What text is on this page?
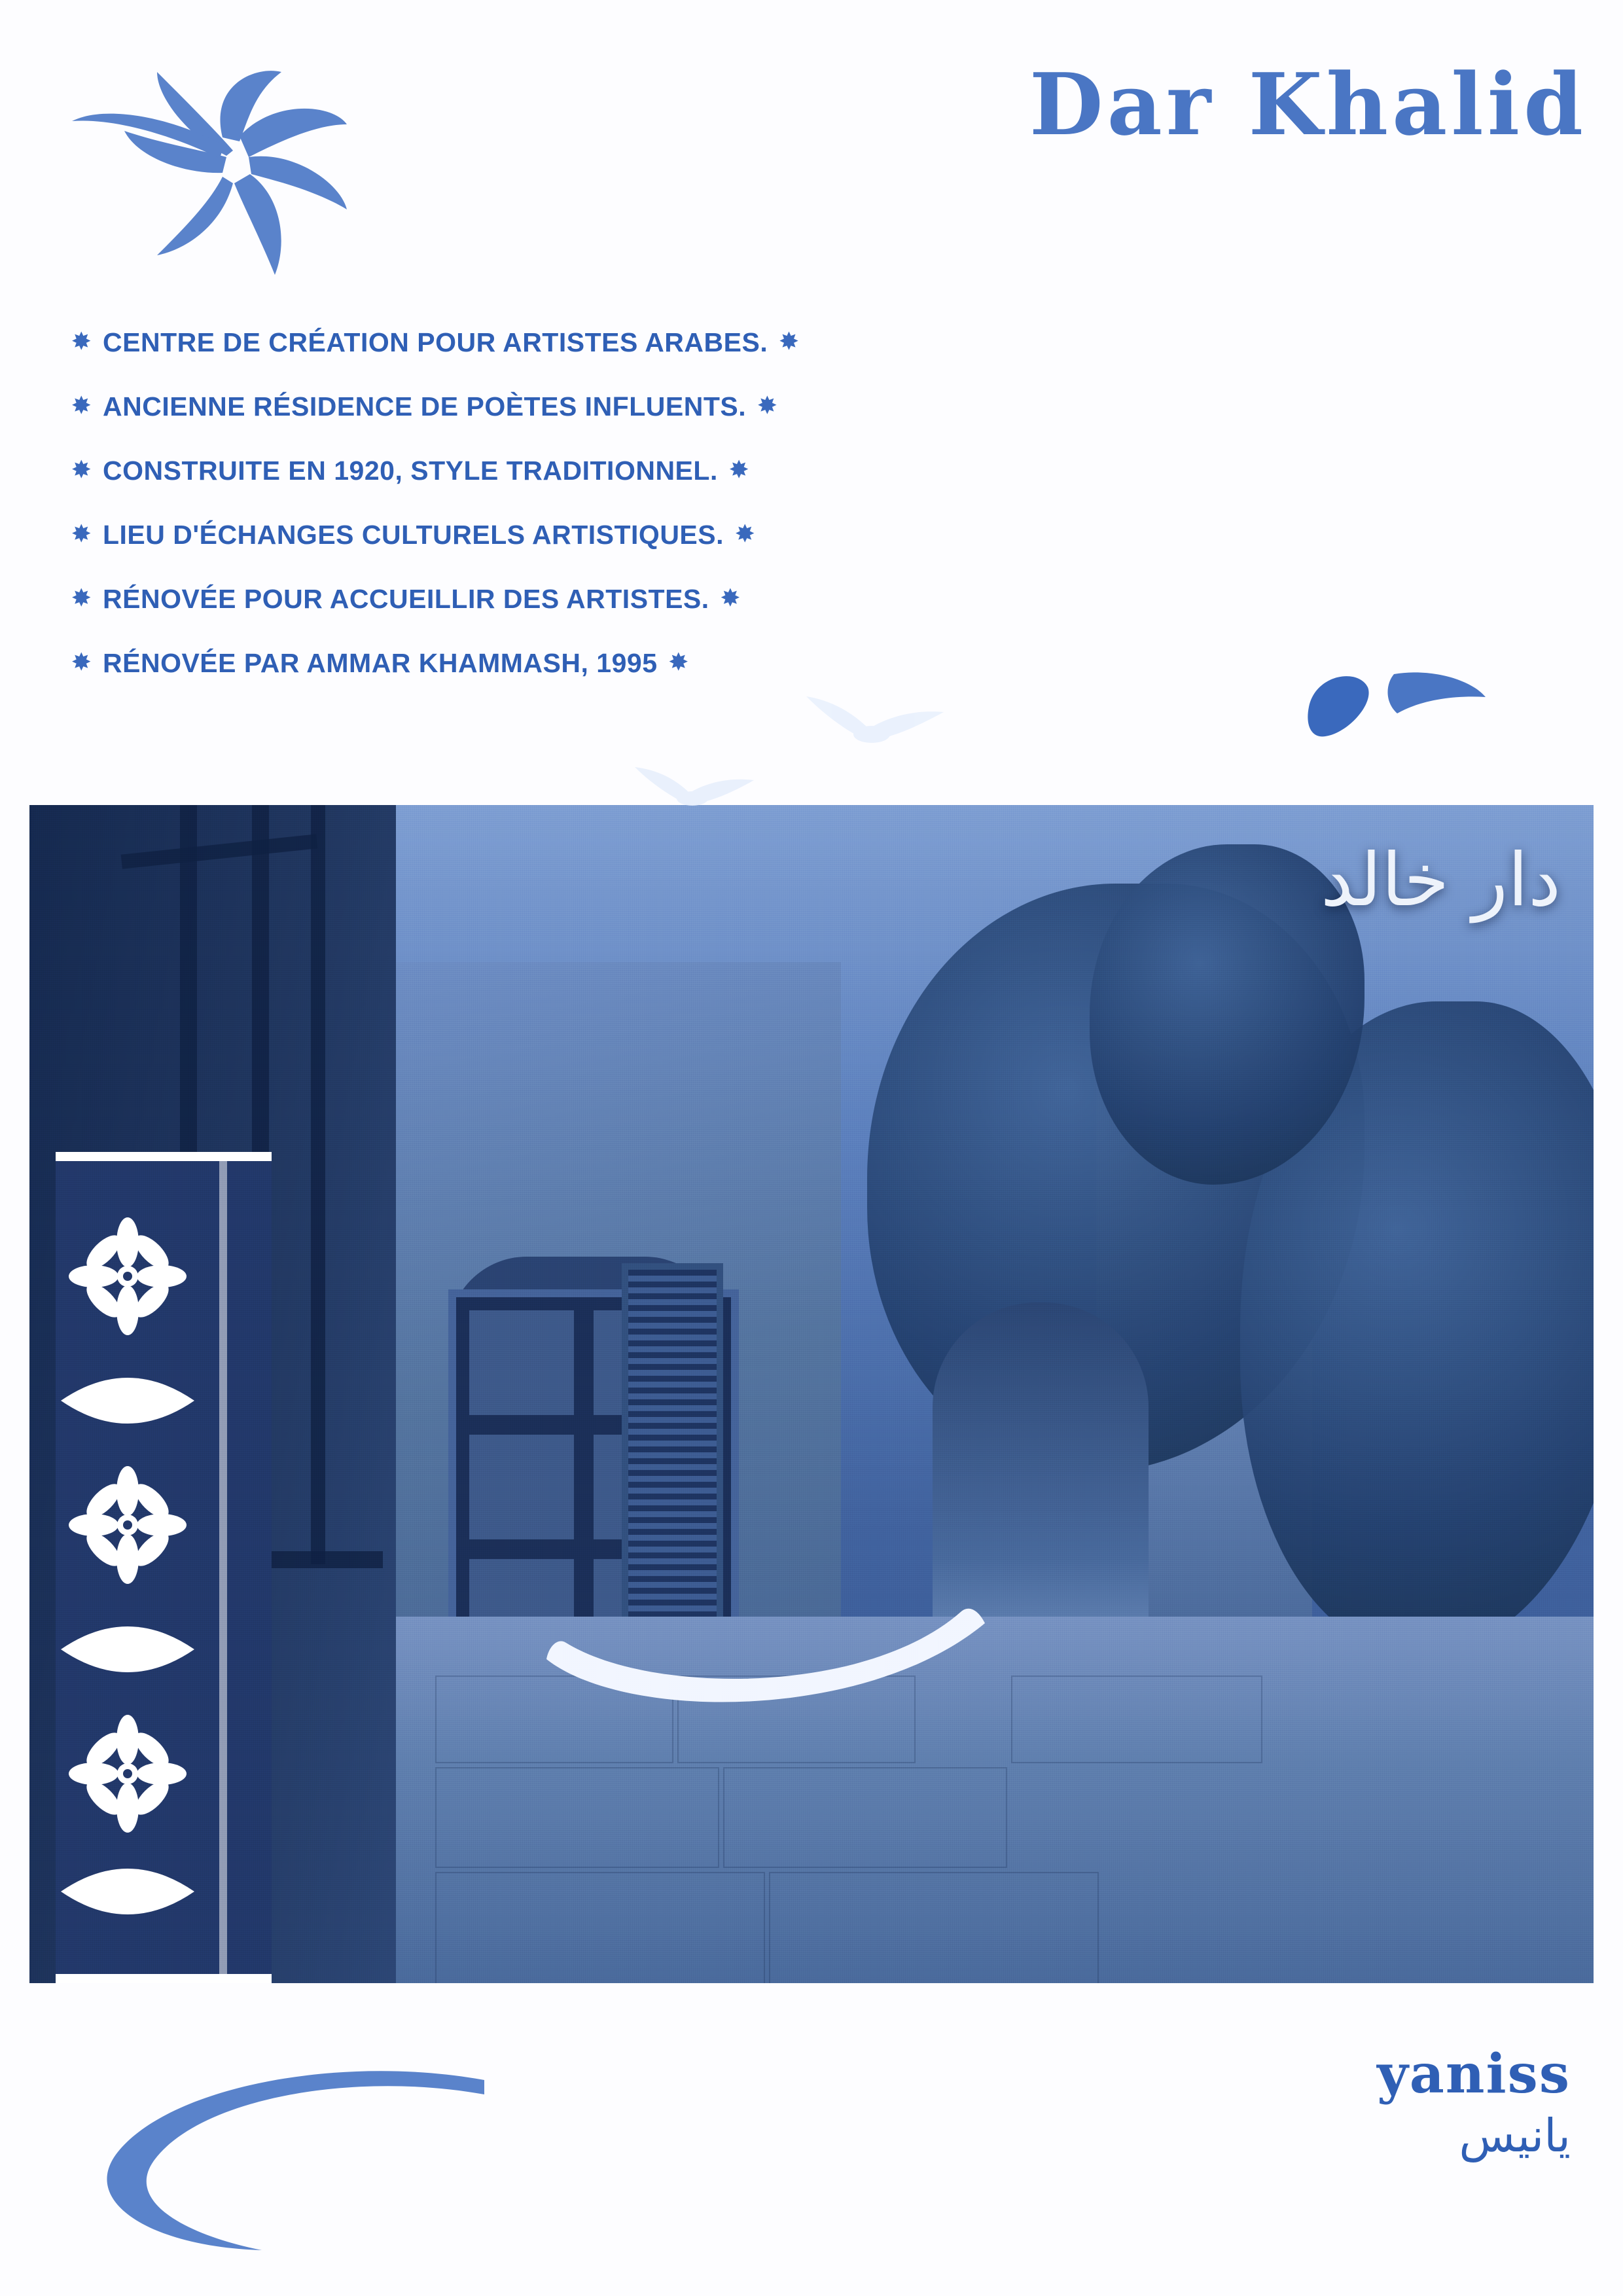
Dar Khalid
✸ CENTRE DE CRÉATION POUR ARTISTES ARABES. ✸
✸ ANCIENNE RÉSIDENCE DE POÈTES INFLUENTS. ✸
✸ CONSTRUITE EN 1920, STYLE TRADITIONNEL. ✸
✸ LIEU D'ÉCHANGES CULTURELS ARTISTIQUES. ✸
✸ RÉNOVÉE POUR ACCUEILLIR DES ARTISTES. ✸
✸ RÉNOVÉE PAR AMMAR KHAMMASH, 1995 ✸
دار خالد
yaniss
يانيس
